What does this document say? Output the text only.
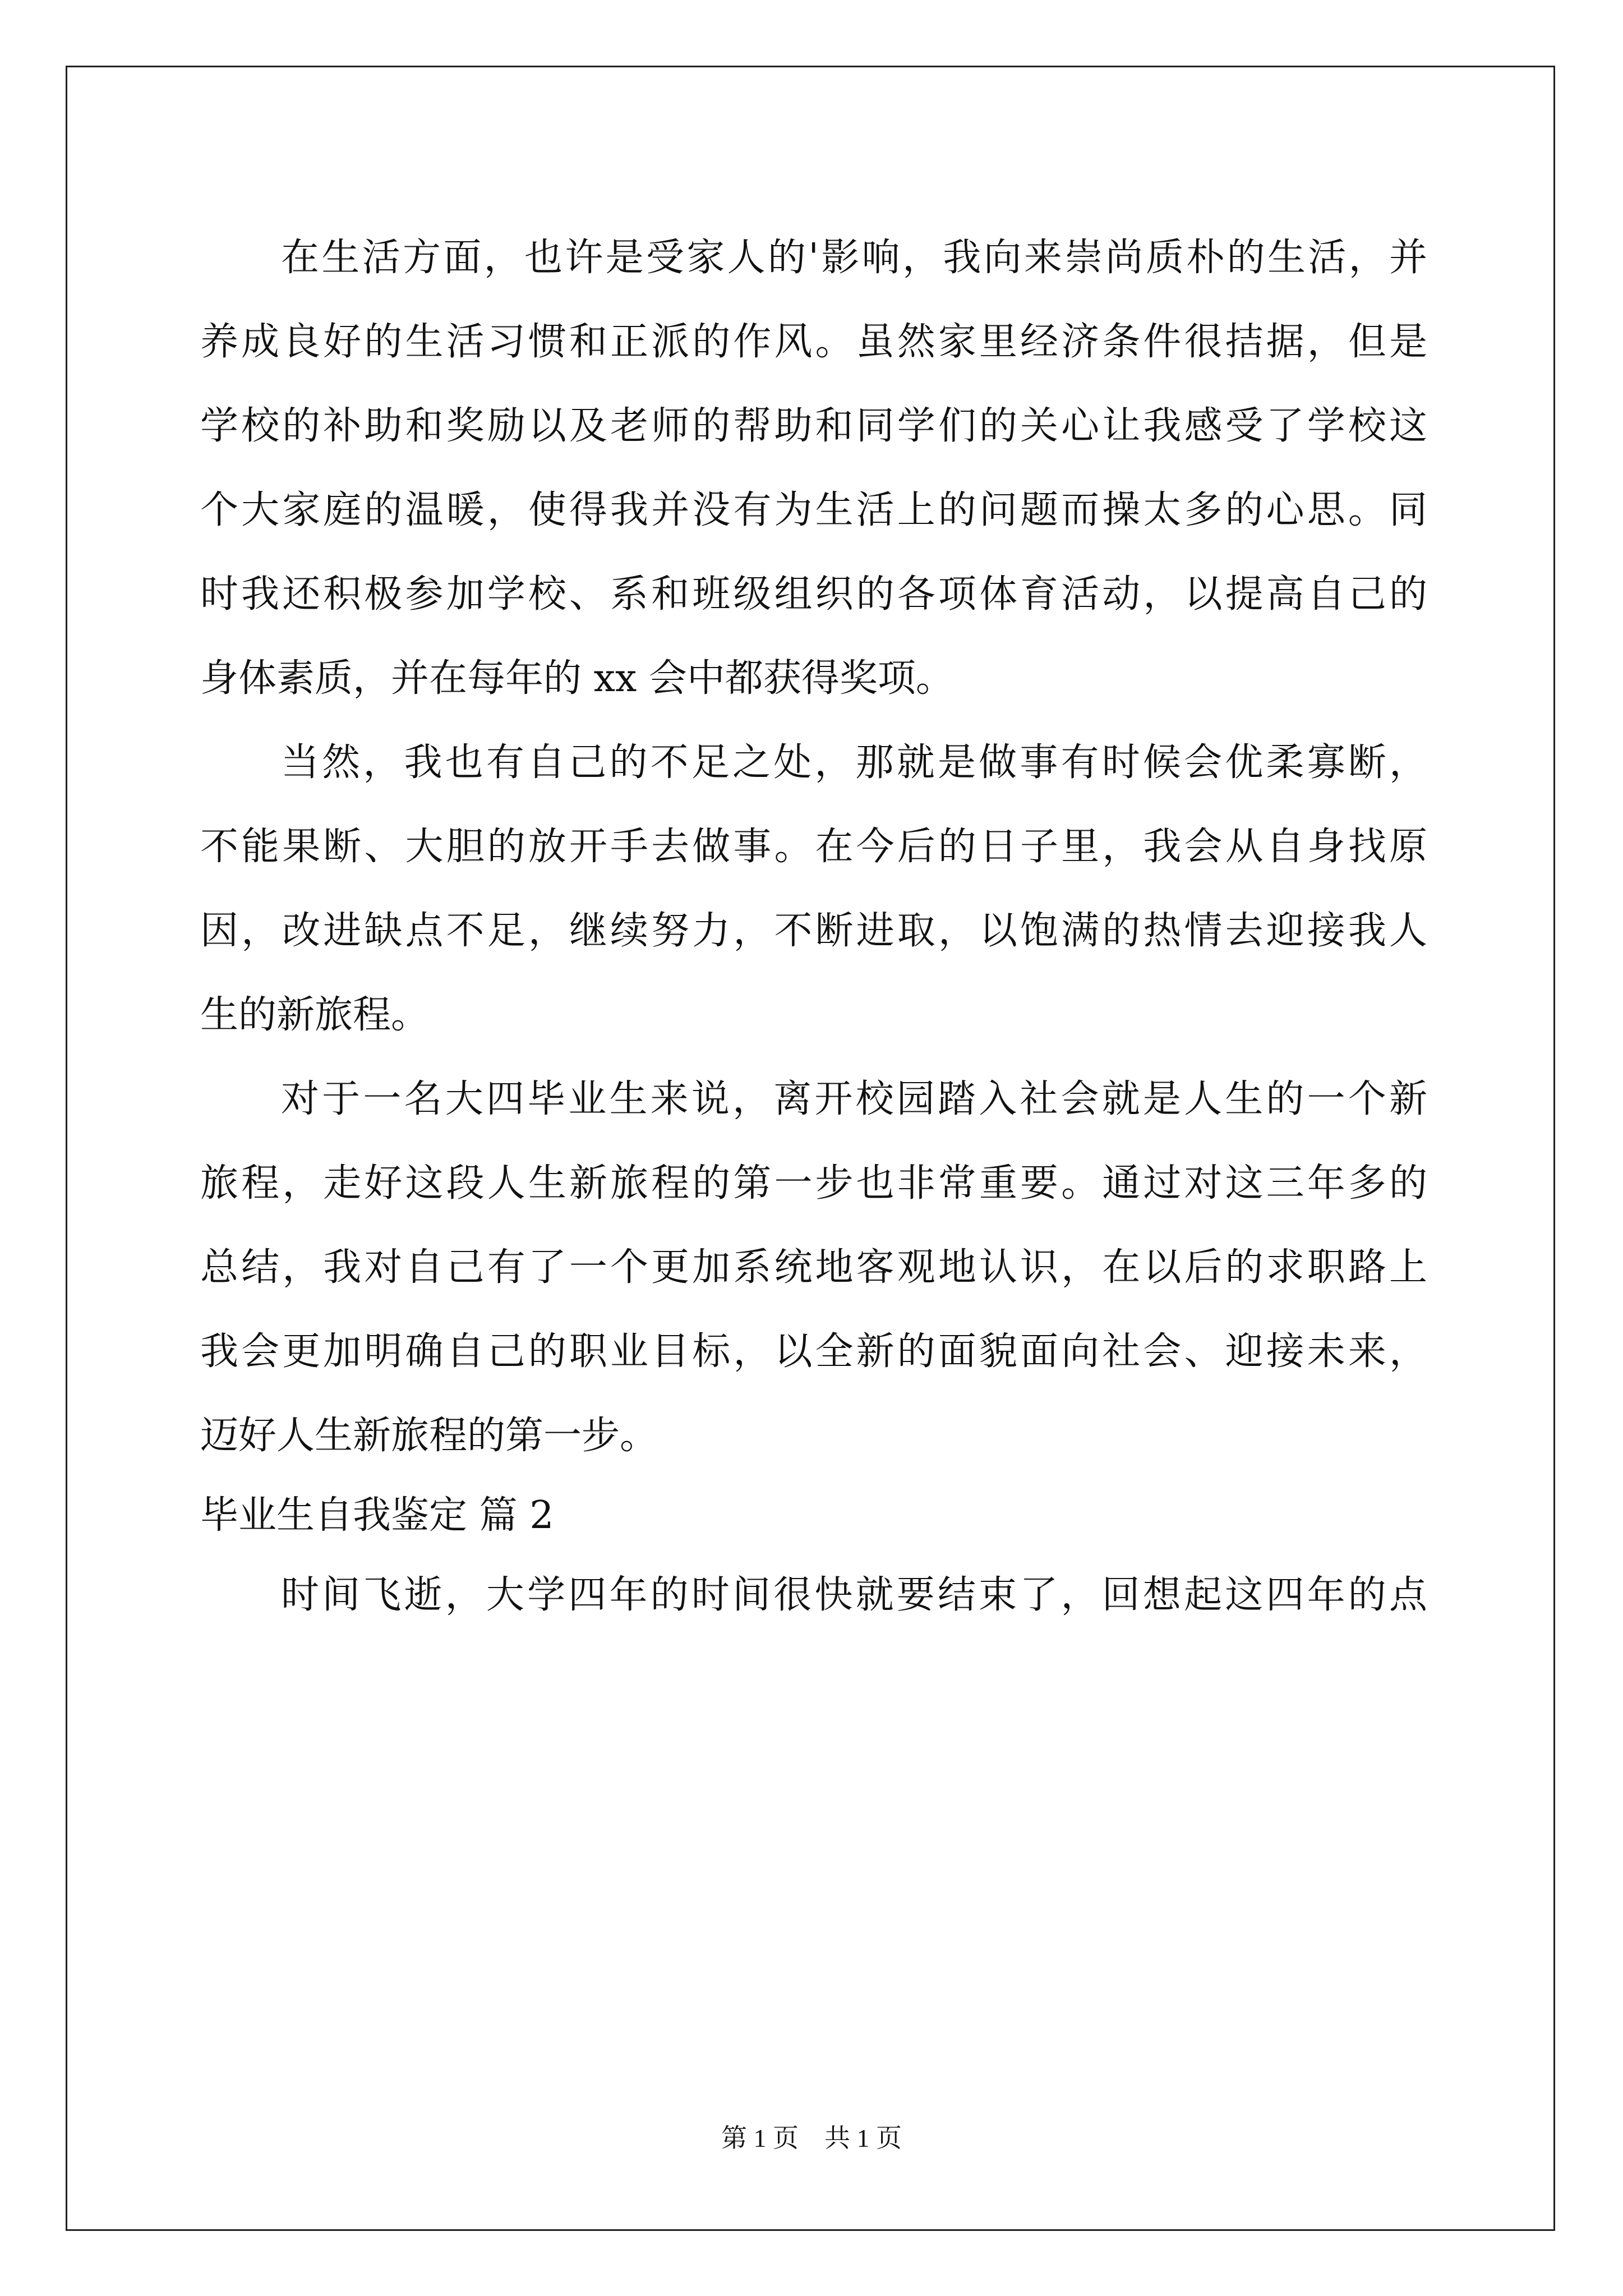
在生活方面，也许是受家人的'影响，我向来崇尚质朴的生活，并
养成良好的生活习惯和正派的作风。虽然家里经济条件很拮据，但是
学校的补助和奖励以及老师的帮助和同学们的关心让我感受了学校这
个大家庭的温暖，使得我并没有为生活上的问题而操太多的心思。同
时我还积极参加学校、系和班级组织的各项体育活动，以提高自己的
身体素质，并在每年的 xx 会中都获得奖项。
当然，我也有自己的不足之处，那就是做事有时候会优柔寡断，
不能果断、大胆的放开手去做事。在今后的日子里，我会从自身找原
因，改进缺点不足，继续努力，不断进取，以饱满的热情去迎接我人
生的新旅程。
对于一名大四毕业生来说，离开校园踏入社会就是人生的一个新
旅程，走好这段人生新旅程的第一步也非常重要。通过对这三年多的
总结，我对自己有了一个更加系统地客观地认识，在以后的求职路上
我会更加明确自己的职业目标，以全新的面貌面向社会、迎接未来，
迈好人生新旅程的第一步。
毕业生自我鉴定 篇 2
时间飞逝，大学四年的时间很快就要结束了，回想起这四年的点
第 1 页　共 1 页
